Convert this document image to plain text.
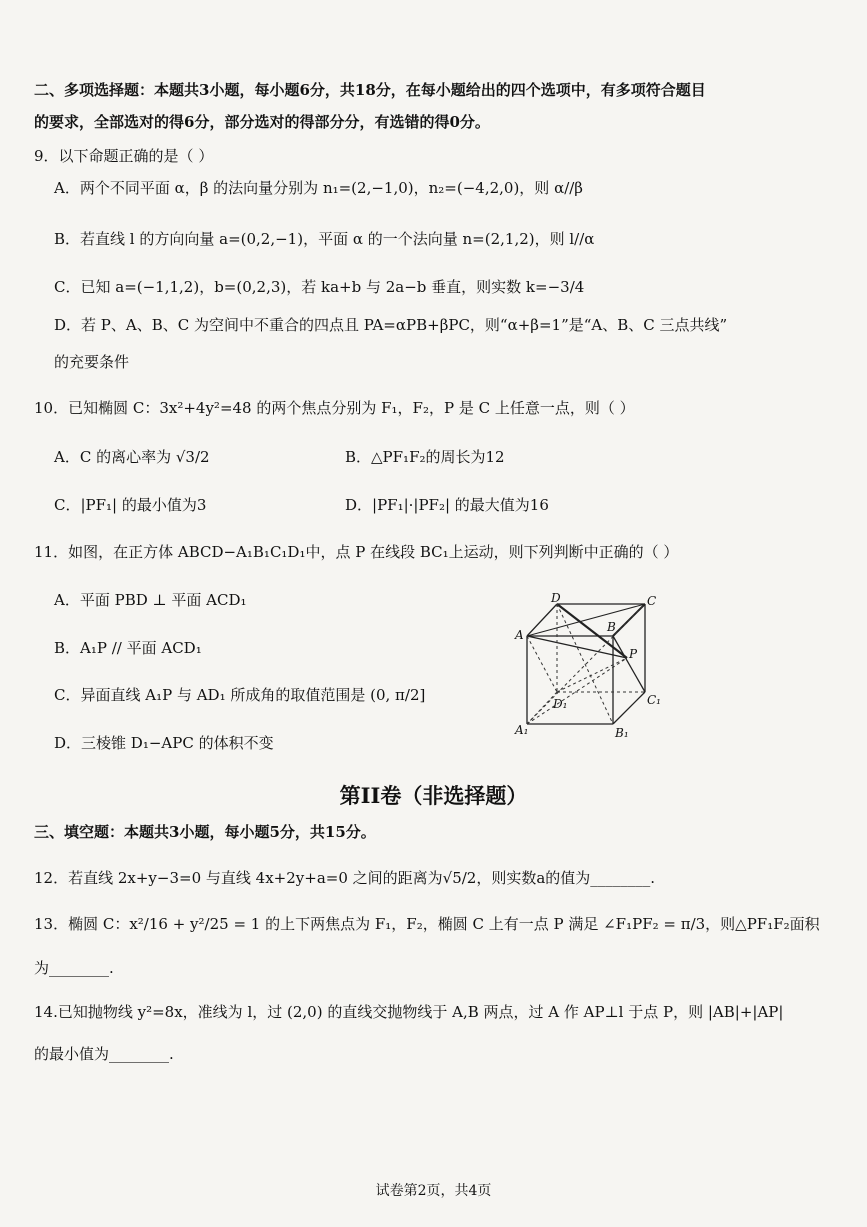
二、多项选择题：本题共3小题，每小题6分，共18分，在每小题给出的四个选项中，有多项符合题目
的要求，全部选对的得6分，部分选对的得部分分，有选错的得0分。
9．以下命题正确的是（ ）
A．两个不同平面 α，β 的法向量分别为 n₁=(2,−1,0)，n₂=(−4,2,0)，则 α//β
B．若直线 l 的方向向量 a=(0,2,−1)，平面 α 的一个法向量 n=(2,1,2)，则 l//α
C．已知 a=(−1,1,2)，b=(0,2,3)，若 ka+b 与 2a−b 垂直，则实数 k=−3/4
D．若 P、A、B、C 为空间中不重合的四点且 PA=αPB+βPC，则“α+β=1”是“A、B、C 三点共线”
的充要条件
10．已知椭圆 C：3x²+4y²=48 的两个焦点分别为 F₁，F₂，P 是 C 上任意一点，则（ ）
A．C 的离心率为 √3/2	B．△PF₁F₂的周长为12
C．|PF₁| 的最小值为3	D．|PF₁|·|PF₂| 的最大值为16
11．如图，在正方体 ABCD−A₁B₁C₁D₁中，点 P 在线段 BC₁上运动，则下列判断中正确的（ ）
A．平面 PBD ⊥ 平面 ACD₁
B．A₁P // 平面 ACD₁
C．异面直线 A₁P 与 AD₁ 所成角的取值范围是 (0, π/2]
D．三棱锥 D₁−APC 的体积不变
D	C
A
B
P
D₁	C₁
A₁	B₁
第II卷（非选择题）
三、填空题：本题共3小题，每小题5分，共15分。
12．若直线 2x+y−3=0 与直线 4x+2y+a=0 之间的距离为√5/2，则实数a的值为________.
13．椭圆 C：x²/16 + y²/25 = 1 的上下两焦点为 F₁，F₂，椭圆 C 上有一点 P 满足 ∠F₁PF₂ = π/3，则△PF₁F₂面积
为________.
14.已知抛物线 y²=8x，准线为 l，过 (2,0) 的直线交抛物线于 A,B 两点，过 A 作 AP⊥l 于点 P，则 |AB|+|AP|
的最小值为________.
试卷第2页，共4页
